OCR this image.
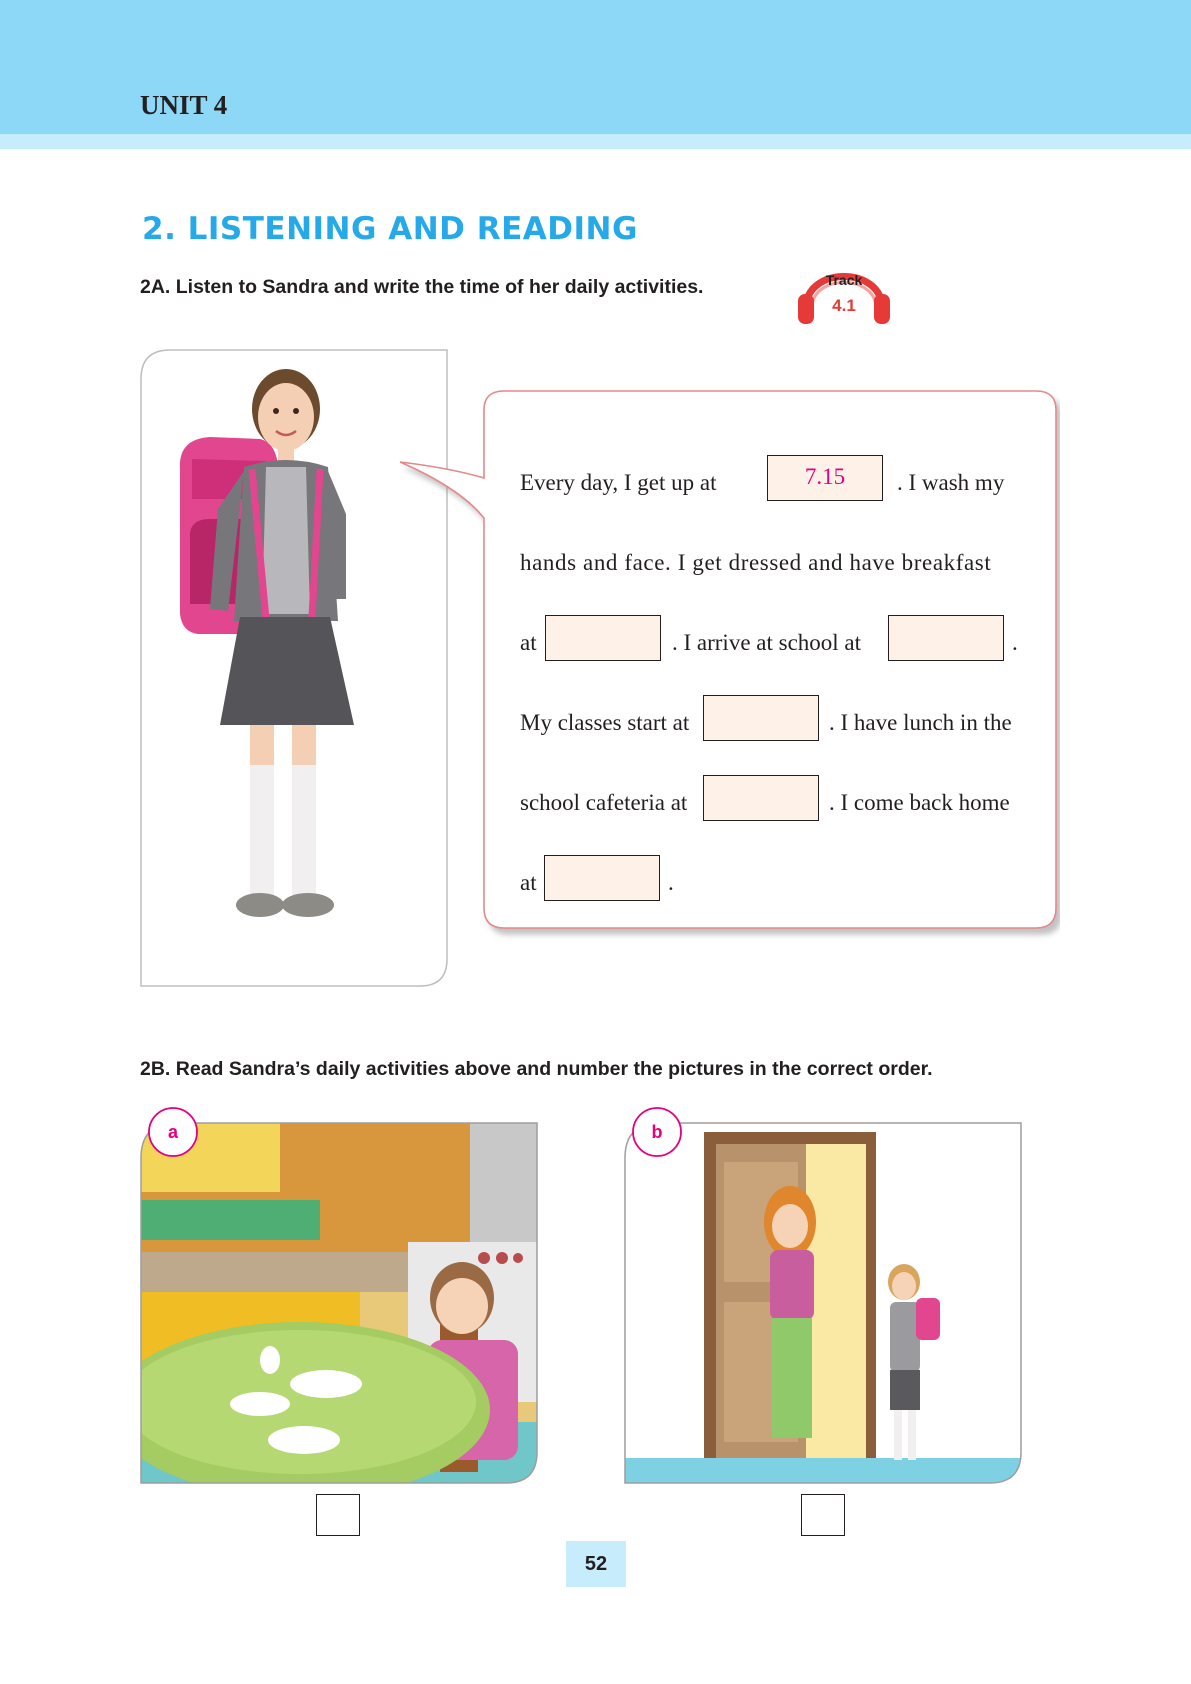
UNIT 4
2. LISTENING AND READING
2A. Listen to Sandra and write the time of her daily activities.	Track
4.1
Every day, I get up at	7.15	. I wash my
hands and face. I get dressed and have breakfast
at	. I arrive at school at	.
My classes start at	. I have lunch in the
school cafeteria at	. I come back home
at	.
2B. Read Sandra’s daily activities above and number the pictures in the correct order.
a	b
52
